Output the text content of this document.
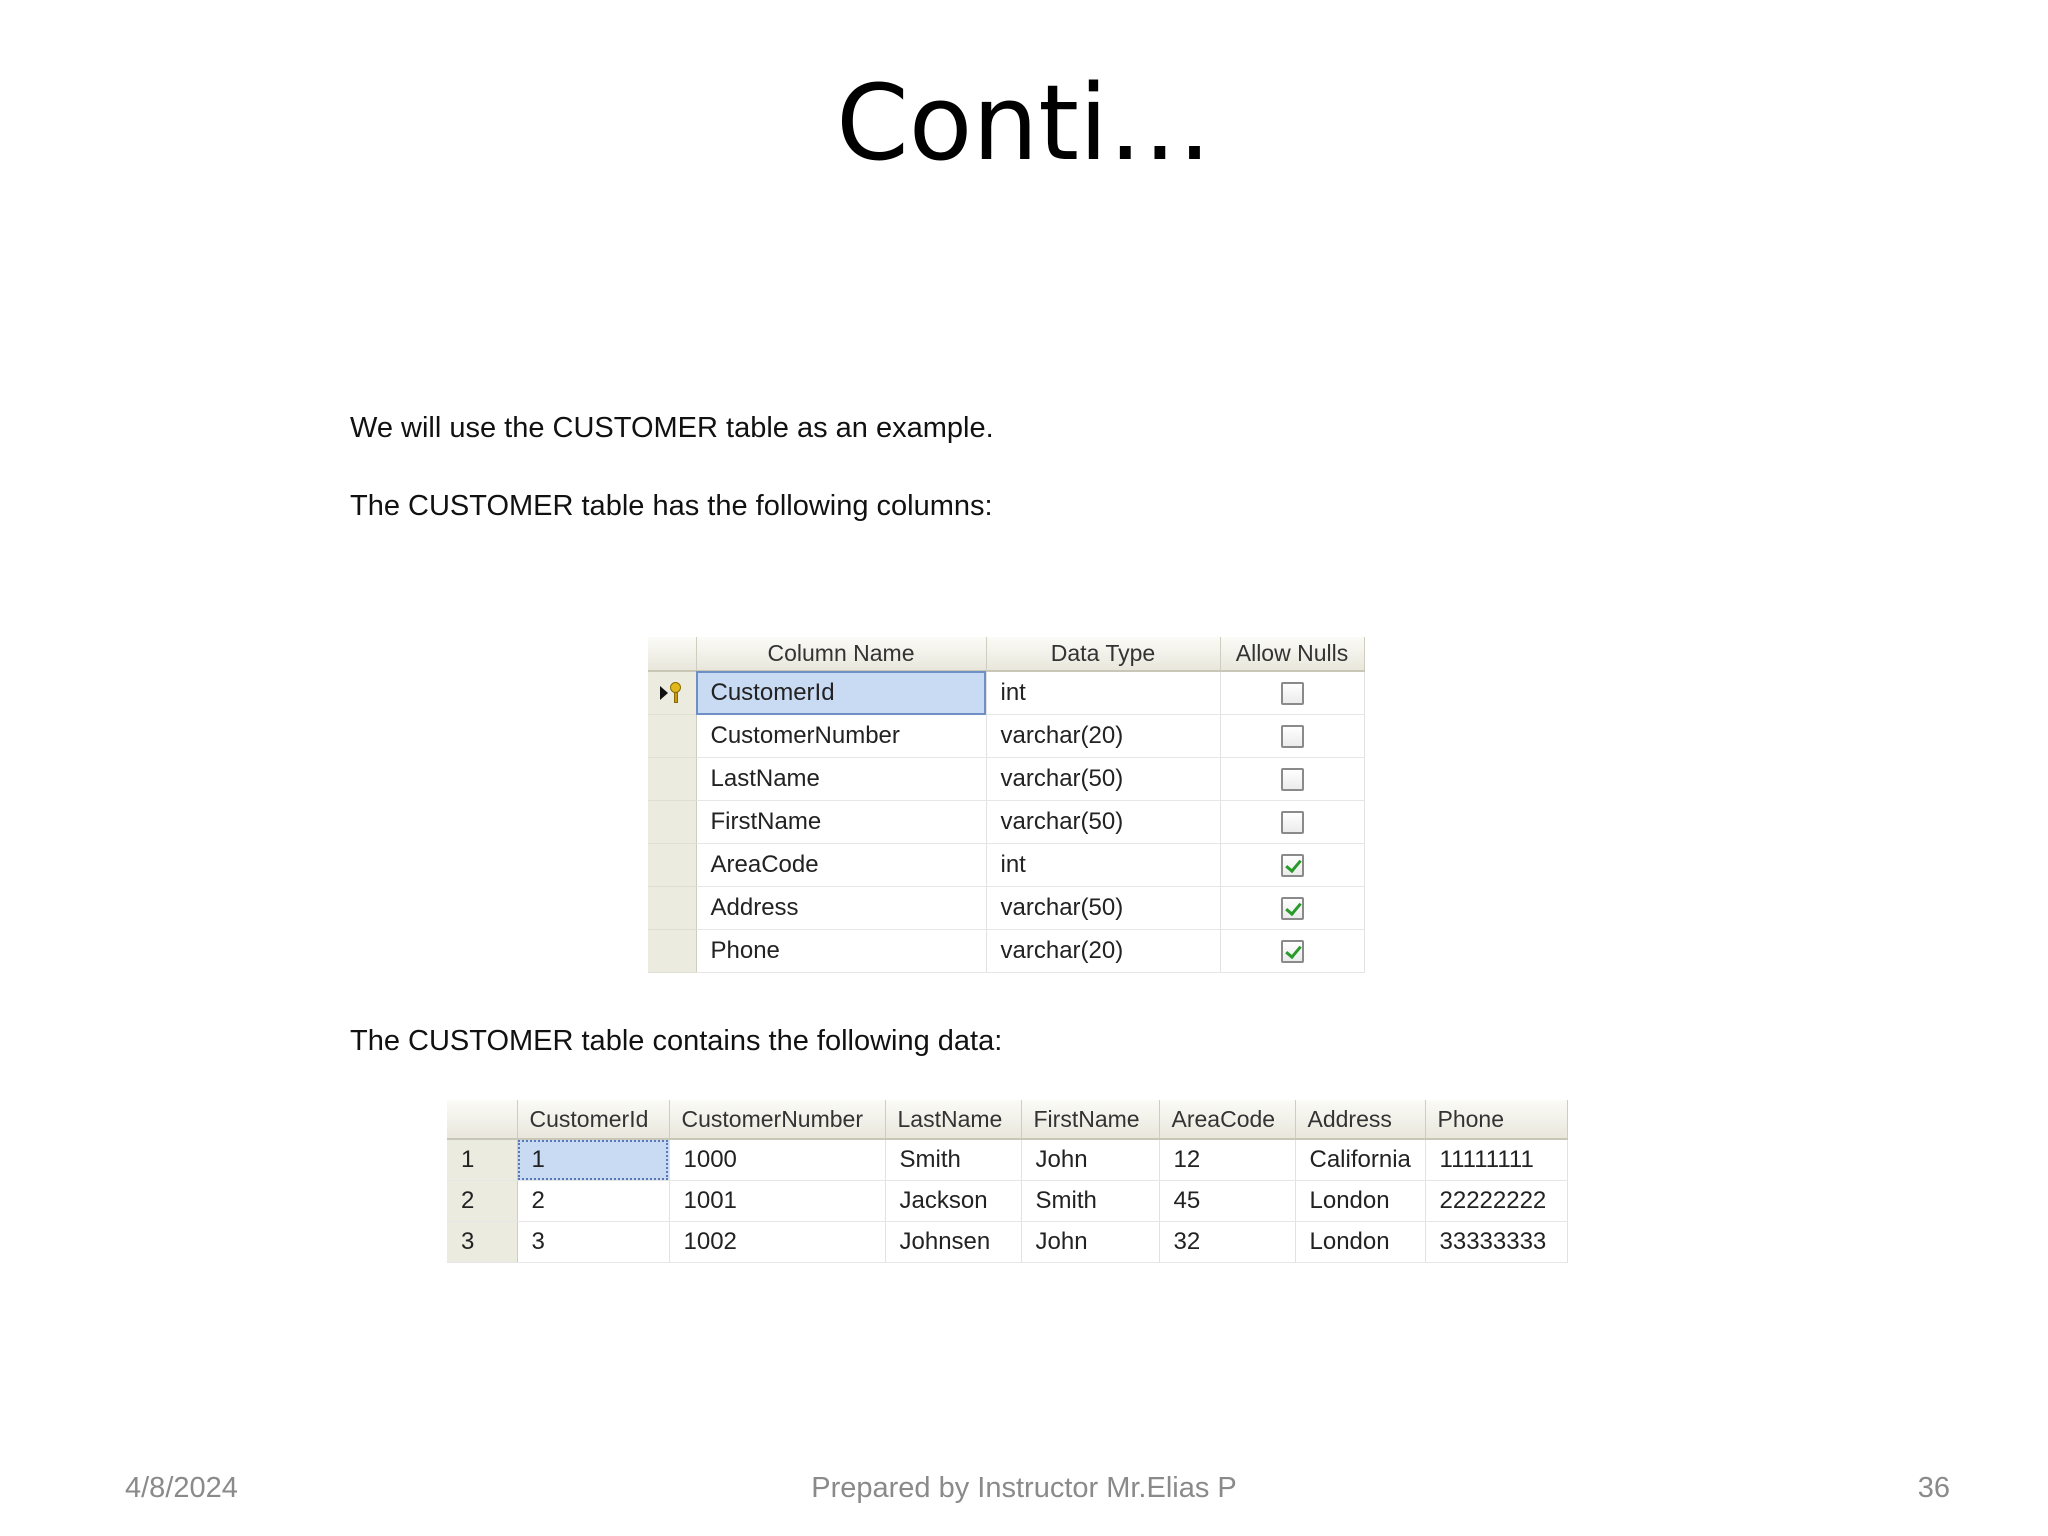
Conti…
We will use the CUSTOMER table as an example.
The CUSTOMER table has the following columns:
	Column Name	Data Type	Allow Nulls

	CustomerId	int	
	CustomerNumber	varchar(20)	
	LastName	varchar(50)	
	FirstName	varchar(50)	
	AreaCode	int	
	Address	varchar(50)	
	Phone	varchar(20)	
The CUSTOMER table contains the following data:
	CustomerId	CustomerNumber	LastName	FirstName	AreaCode	Address	Phone
1	1	1000	Smith	John	12	California	11111111
2	2	1001	Jackson	Smith	45	London	22222222
3	3	1002	Johnsen	John	32	London	33333333
4/8/2024	Prepared by Instructor Mr.Elias P	36
